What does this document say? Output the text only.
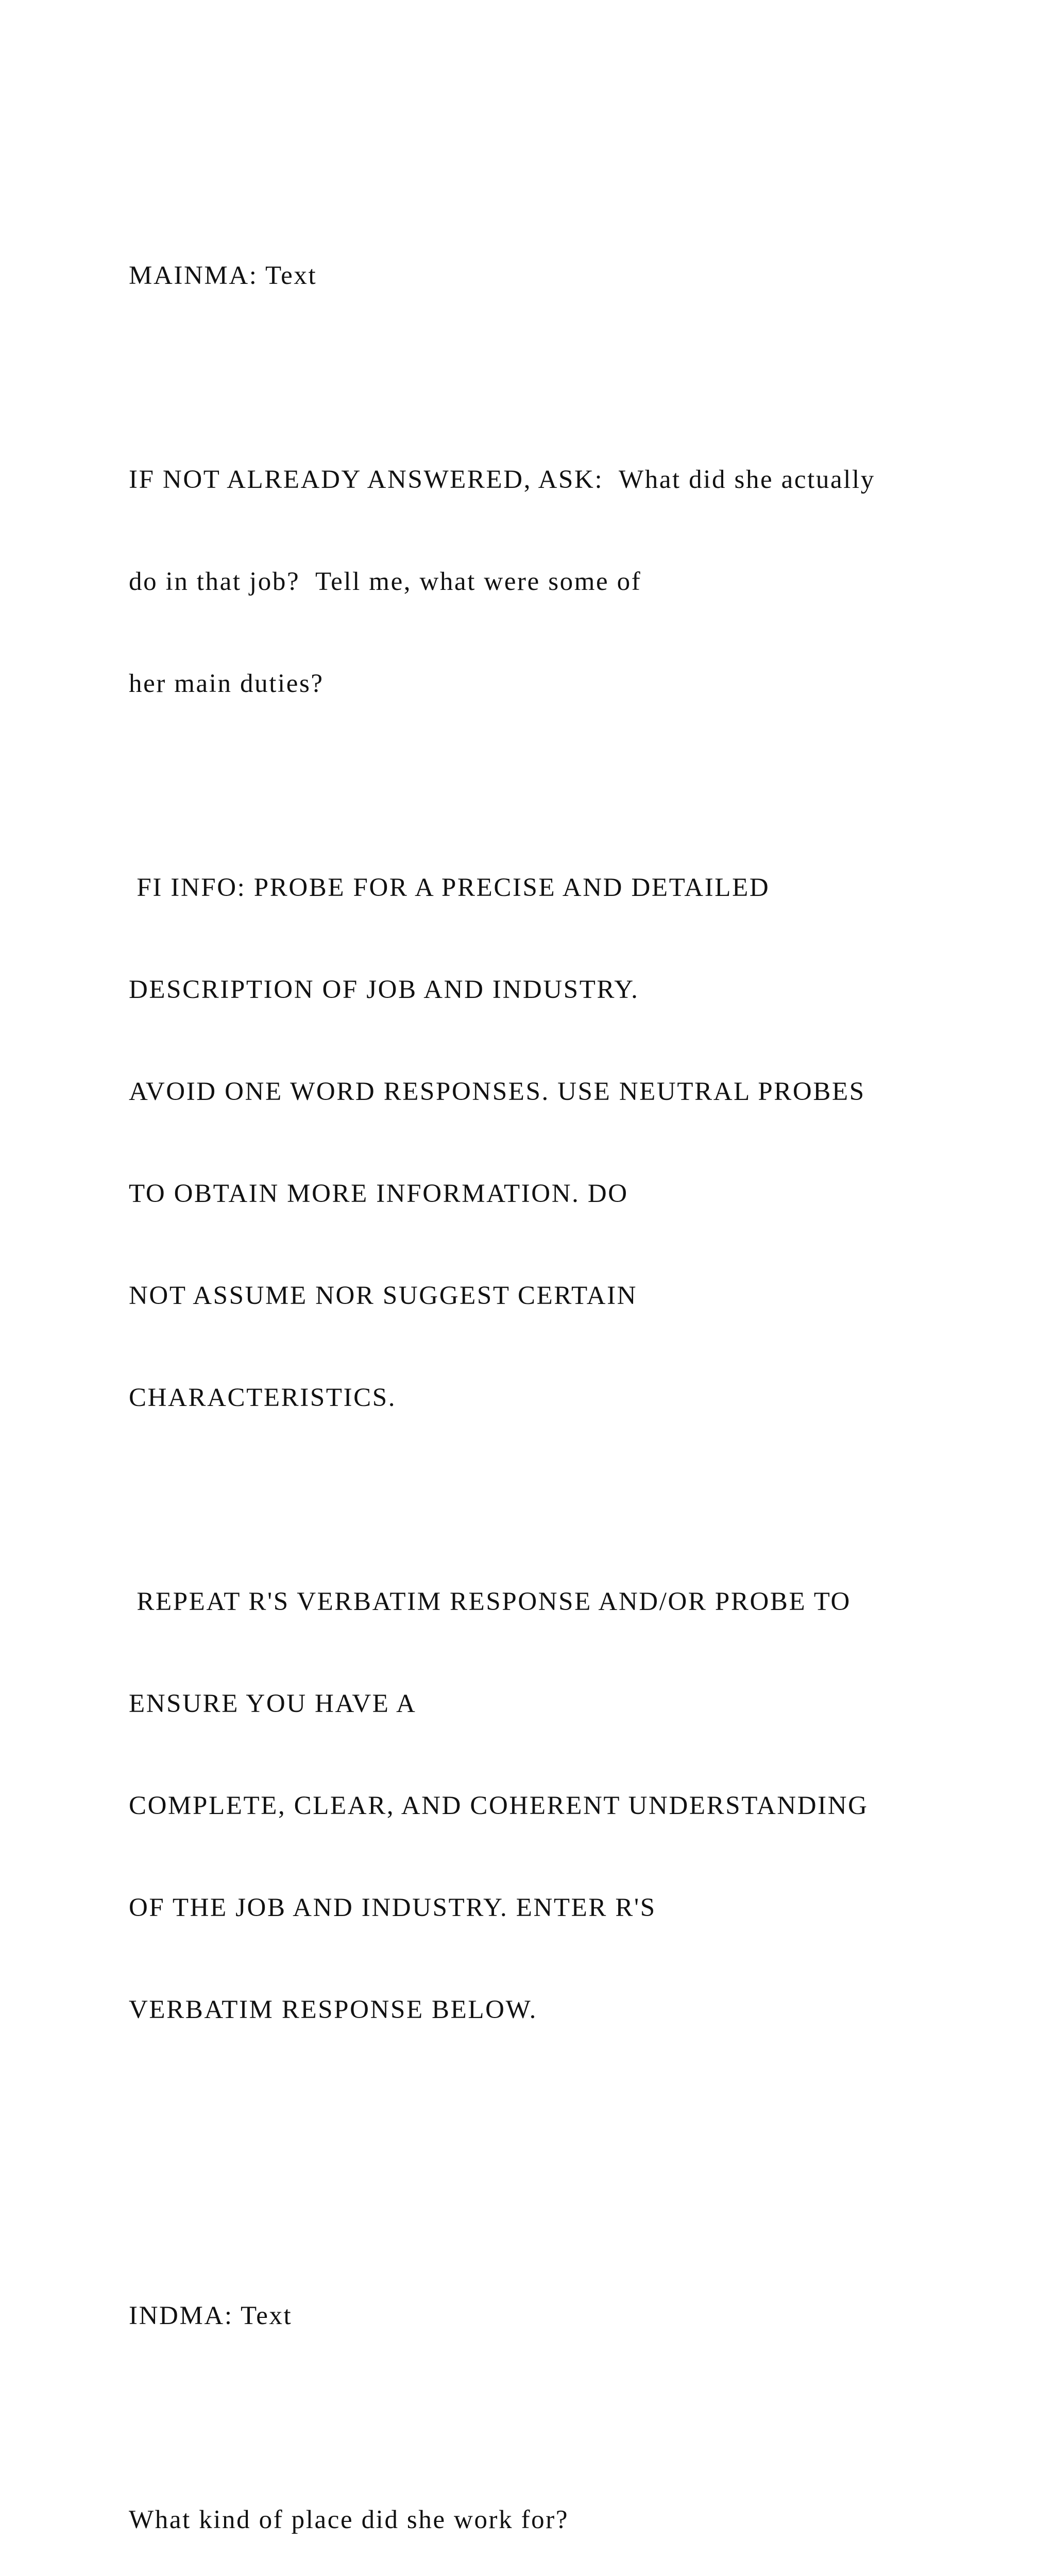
MAINMA: Text

IF NOT ALREADY ANSWERED, ASK:  What did she actually

do in that job?  Tell me, what were some of

her main duties?

FI INFO: PROBE FOR A PRECISE AND DETAILED

DESCRIPTION OF JOB AND INDUSTRY.

AVOID ONE WORD RESPONSES. USE NEUTRAL PROBES

TO OBTAIN MORE INFORMATION. DO

NOT ASSUME NOR SUGGEST CERTAIN

CHARACTERISTICS.

REPEAT R'S VERBATIM RESPONSE AND/OR PROBE TO

ENSURE YOU HAVE A

COMPLETE, CLEAR, AND COHERENT UNDERSTANDING

OF THE JOB AND INDUSTRY. ENTER R'S

VERBATIM RESPONSE BELOW.

INDMA: Text

What kind of place did she work for?
